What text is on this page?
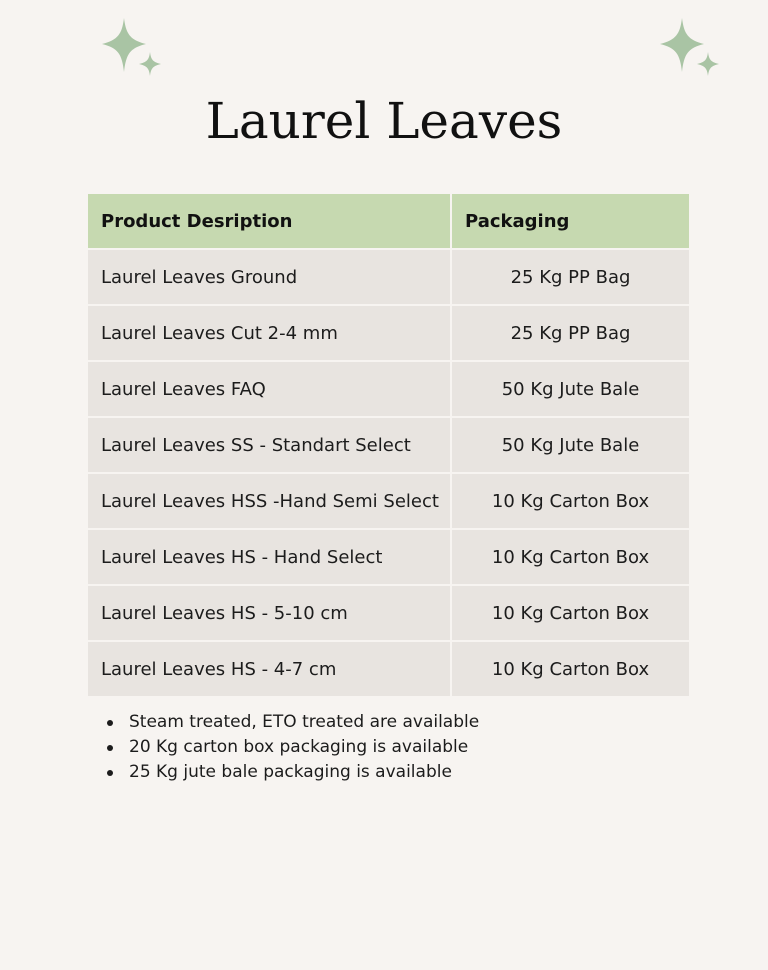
Laurel Leaves
Product Desription	Packaging
Laurel Leaves Ground	25 Kg PP Bag
Laurel Leaves Cut 2-4 mm	25 Kg PP Bag
Laurel Leaves FAQ	50 Kg Jute Bale
Laurel Leaves SS - Standart Select	50 Kg Jute Bale
Laurel Leaves HSS -Hand Semi Select	10 Kg Carton Box
Laurel Leaves HS - Hand Select	10 Kg Carton Box
Laurel Leaves HS - 5-10 cm	10 Kg Carton Box
Laurel Leaves HS - 4-7 cm	10 Kg Carton Box
Steam treated, ETO treated are available
20 Kg carton box packaging is available
25 Kg jute bale packaging is available
